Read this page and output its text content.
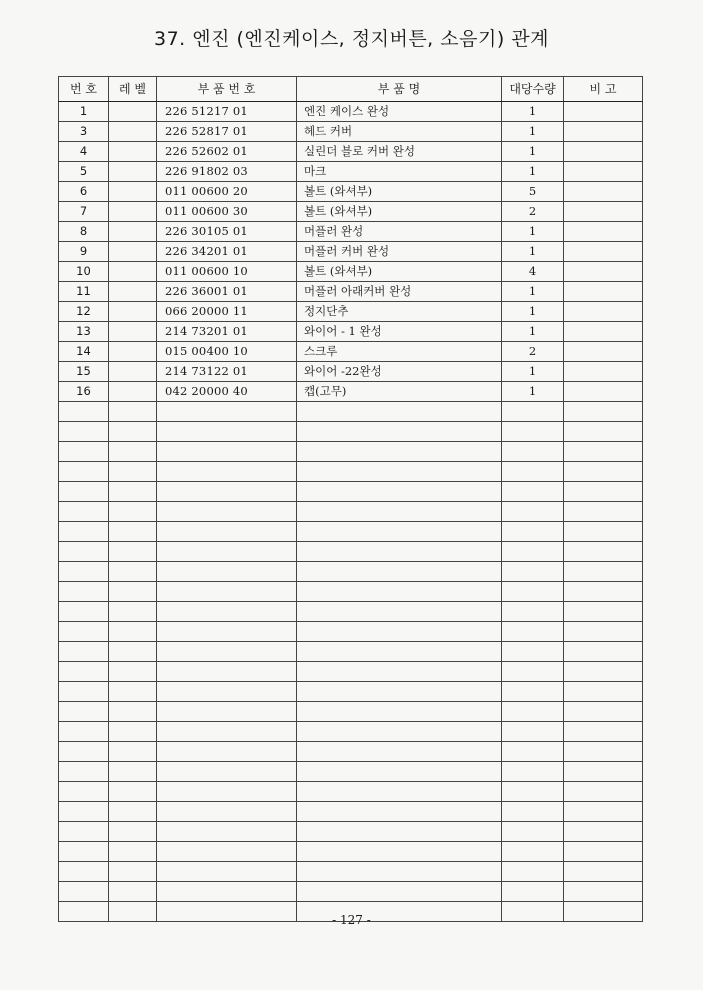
37. 엔진 (엔진케이스, 정지버튼, 소음기) 관계
번 호	레 벨	부 품 번 호	부 품 명	대당수량	비 고
1		226 51217 01	엔진 케이스 완성	1	
3		226 52817 01	헤드 커버	1	
4		226 52602 01	실린더 블로 커버 완성	1	
5		226 91802 03	마크	1	
6		011 00600 20	볼트 (와셔부)	5	
7		011 00600 30	볼트 (와셔부)	2	
8		226 30105 01	머플러 완성	1	
9		226 34201 01	머플러 커버 완성	1	
10		011 00600 10	볼트 (와셔부)	4	
11		226 36001 01	머플러 아래커버 완성	1	
12		066 20000 11	정지단추	1	
13		214 73201 01	와이어 - 1 완성	1	
14		015 00400 10	스크루	2	
15		214 73122 01	와이어 -22완성	1	
16		042 20000 40	캡(고무)	1	

- 127 -
